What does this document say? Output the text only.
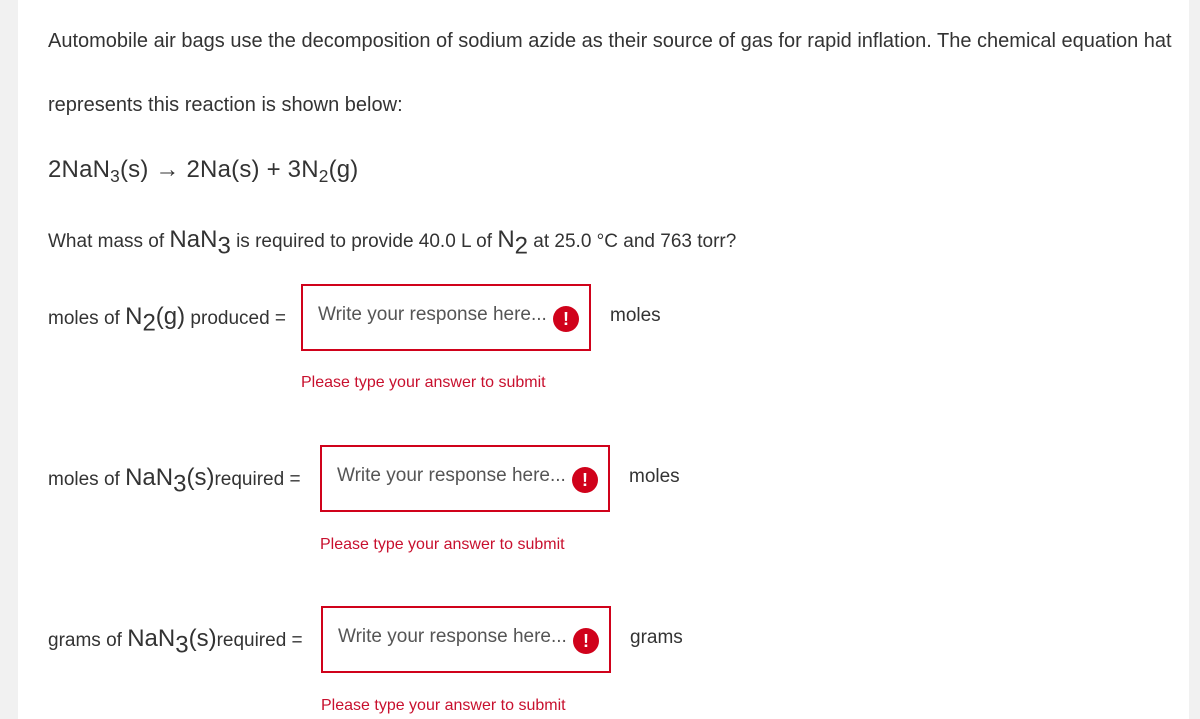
Automobile air bags use the decomposition of sodium azide as their source of gas for rapid inflation. The chemical equation hat
represents this reaction is shown below:
$2NaN_3(s) \to 2Na(s) + 3N_2(g)$
What mass of NaN3 is required to provide 40.0 L of N2 at 25.0 °C and 763 torr?
moles of N2(g) produced = Write your response here... !	moles
Please type your answer to submit
moles of NaN3(s)required = Write your response here... !	moles
Please type your answer to submit
grams of NaN3(s)required = Write your response here... !	grams
Please type your answer to submit
